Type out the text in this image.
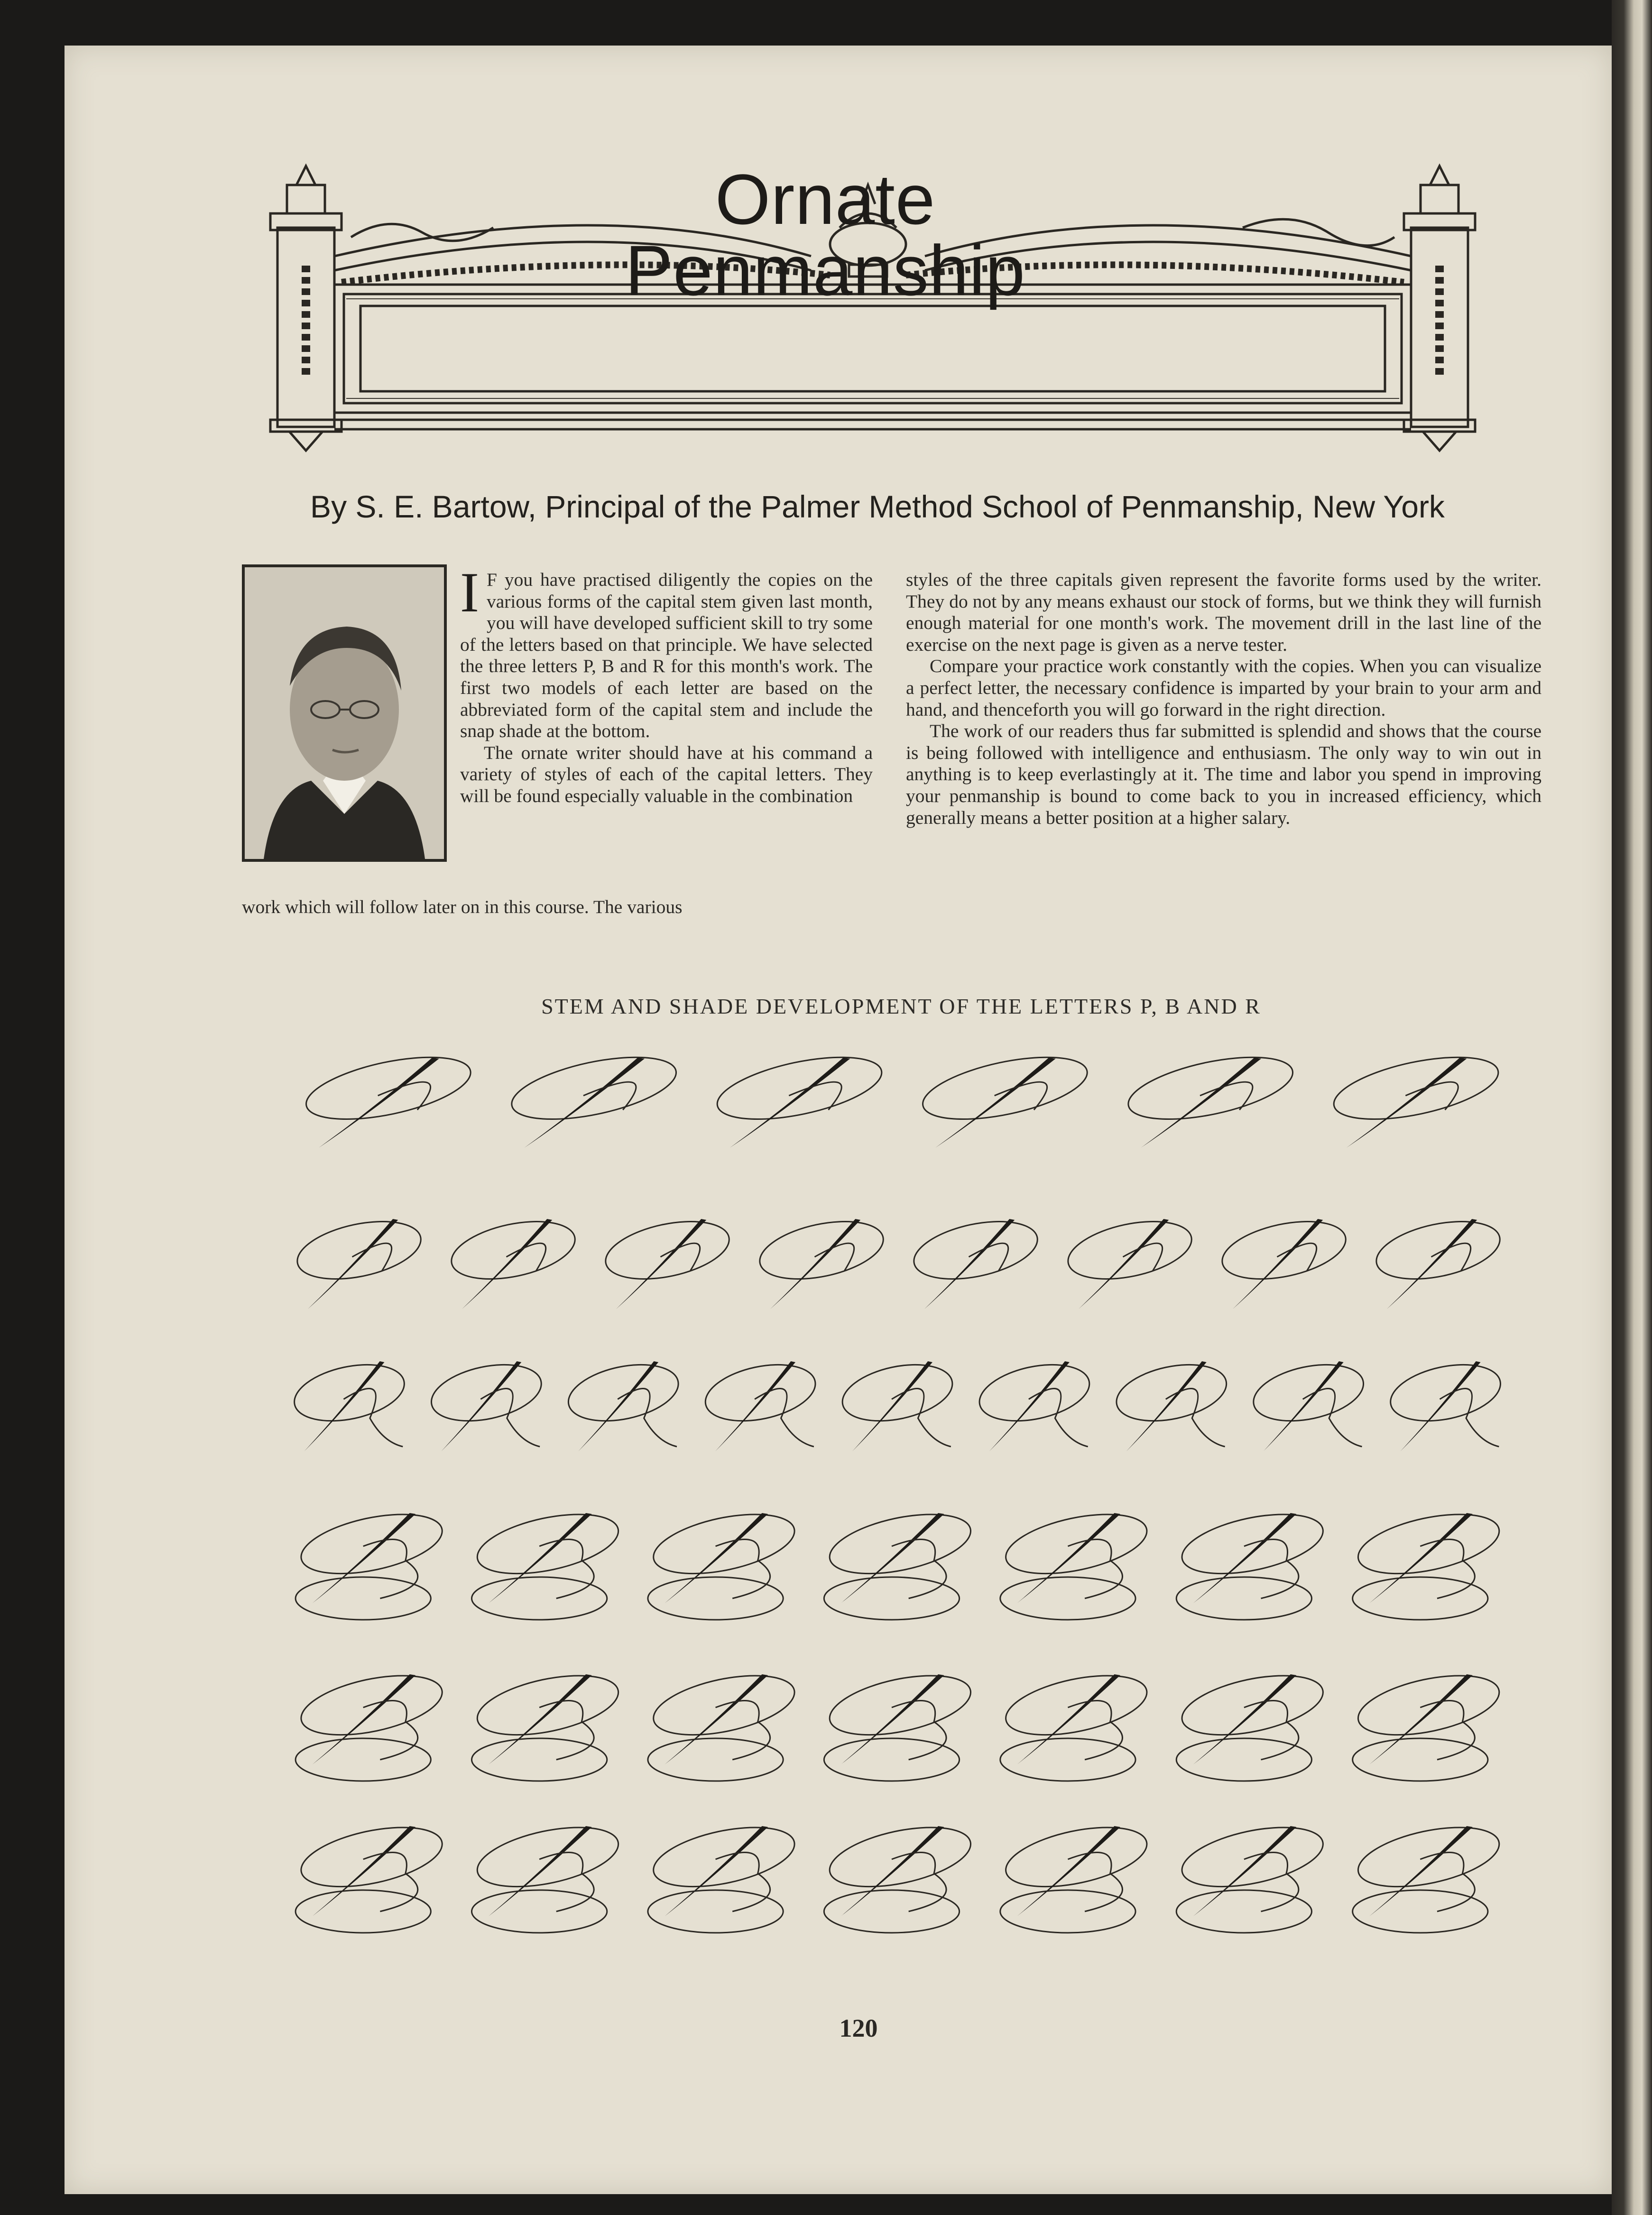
Ornate Penmanship
By S. E. Bartow, Principal of the Palmer Method School of Penmanship, New York

I F you have practised diligently the copies on the various forms of the capital stem given last month, you will have developed sufficient skill to try some of the letters based on that principle. We have selected the three letters P, B and R for this month's work. The first two models of each letter are based on the abbreviated form of the capital stem and include the snap shade at the bottom.

The ornate writer should have at his command a variety of styles of each of the capital letters. They will be found especially valuable in the combination

work which will follow later on in this course. The various

styles of the three capitals given represent the favorite forms used by the writer. They do not by any means exhaust our stock of forms, but we think they will furnish enough material for one month's work. The movement drill in the last line of the exercise on the next page is given as a nerve tester.

Compare your practice work constantly with the copies. When you can visualize a perfect letter, the necessary confidence is imparted by your brain to your arm and hand, and thenceforth you will go forward in the right direction.

The work of our readers thus far submitted is splendid and shows that the course is being followed with intelligence and enthusiasm. The only way to win out in anything is to keep everlastingly at it. The time and labor you spend in improving your penmanship is bound to come back to you in increased efficiency, which generally means a better position at a higher salary.

STEM AND SHADE DEVELOPMENT OF THE LETTERS P, B AND R
120
